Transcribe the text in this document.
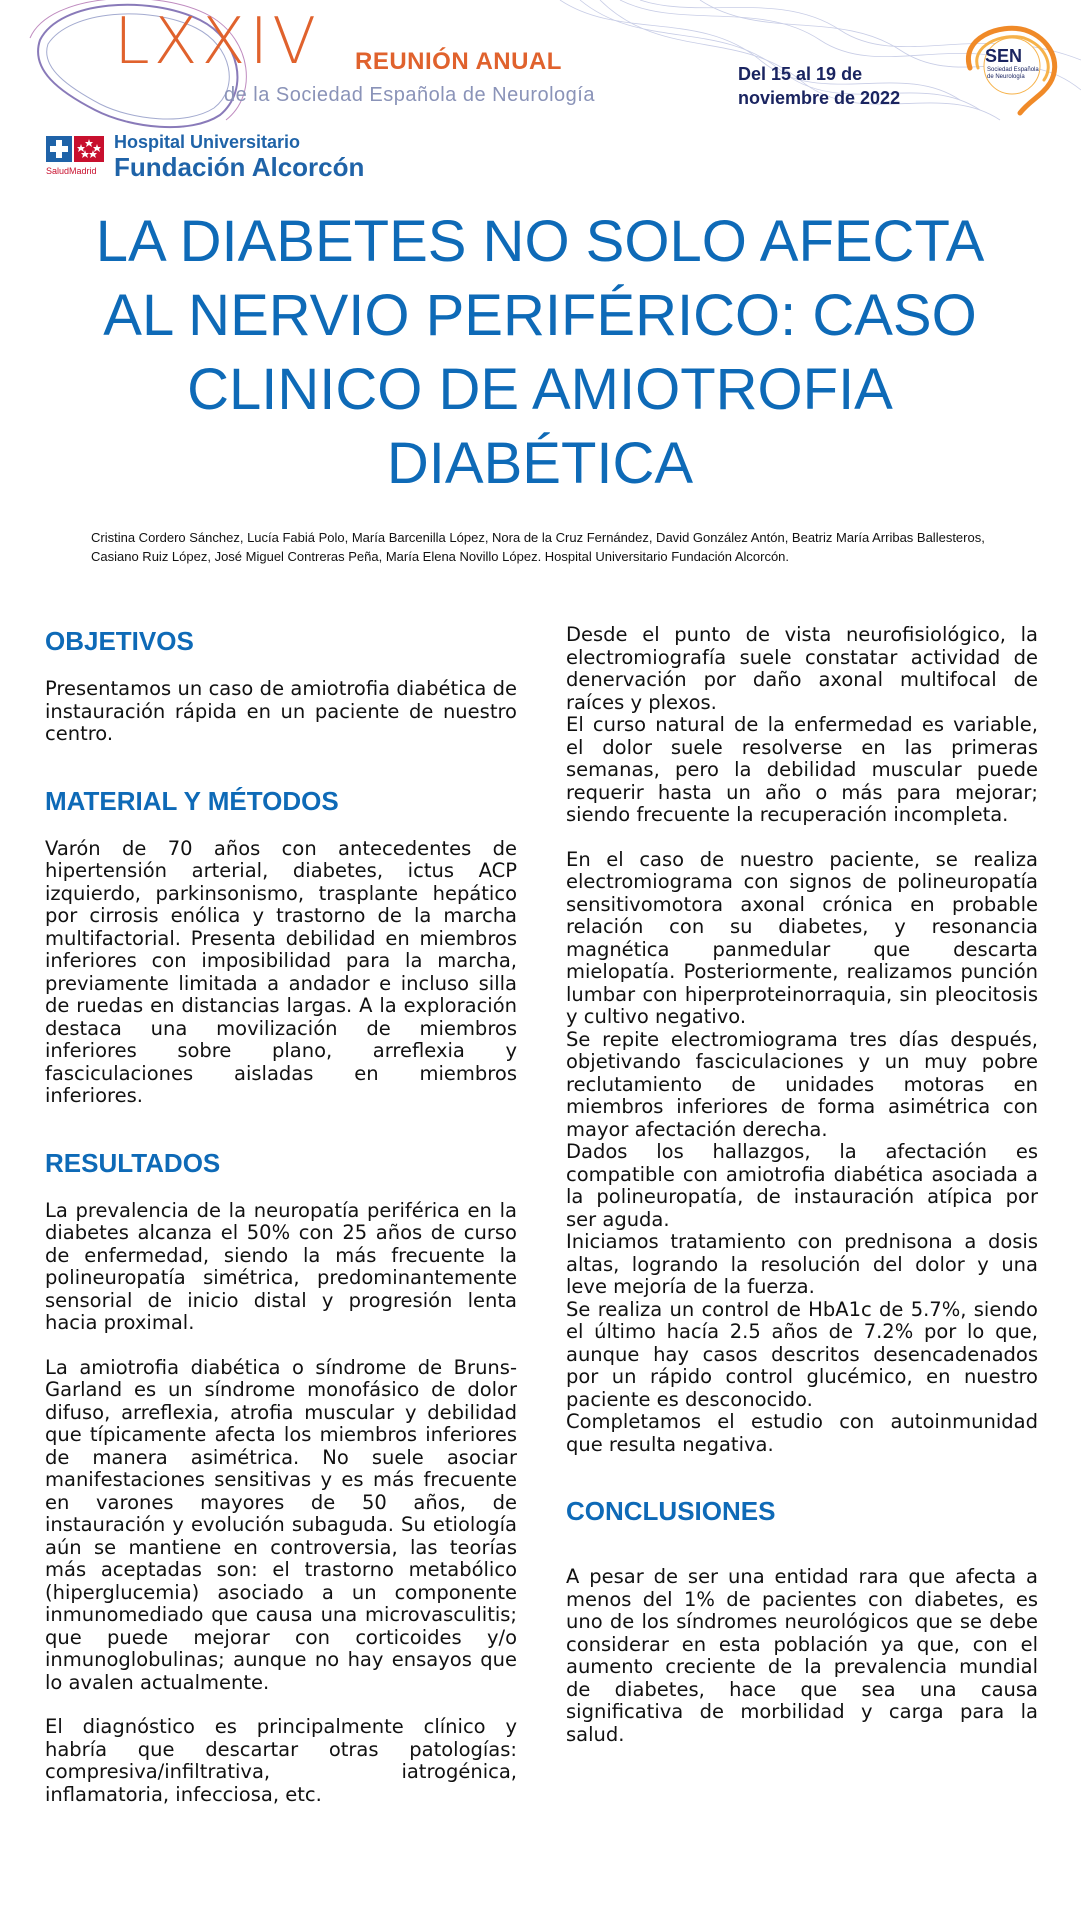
LXXIV REUNIÓN ANUAL
de la Sociedad Española de Neurología
Del 15 al 19 de
noviembre de 2022
SEN
Sociedad Española de Neurología
SaludMadrid
Hospital Universitario
Fundación Alcorcón
LA DIABETES NO SOLO AFECTA AL NERVIO PERIFÉRICO: CASO CLINICO DE AMIOTROFIA DIABÉTICA
Cristina Cordero Sánchez, Lucía Fabiá Polo, María Barcenilla López, Nora de la Cruz Fernández, David González Antón, Beatriz María Arribas Ballesteros, Casiano Ruiz López, José Miguel Contreras Peña, María Elena Novillo López. Hospital Universitario Fundación Alcorcón.
OBJETIVOS

Presentamos un caso de amiotrofia diabética de instauración rápida en un paciente de nuestro centro.

MATERIAL Y MÉTODOS

Varón de 70 años con antecedentes de hipertensión arterial, diabetes, ictus ACP izquierdo, parkinsonismo, trasplante hepático por cirrosis enólica y trastorno de la marcha multifactorial. Presenta debilidad en miembros inferiores con imposibilidad para la marcha, previamente limitada a andador e incluso silla de ruedas en distancias largas. A la exploración destaca una movilización de miembros inferiores sobre plano, arreflexia y fasciculaciones aisladas en miembros inferiores.

RESULTADOS

La prevalencia de la neuropatía periférica en la diabetes alcanza el 50% con 25 años de curso de enfermedad, siendo la más frecuente la polineuropatía simétrica, predominantemente sensorial de inicio distal y progresión lenta hacia proximal.

La amiotrofia diabética o síndrome de Bruns-Garland es un síndrome monofásico de dolor difuso, arreflexia, atrofia muscular y debilidad que típicamente afecta los miembros inferiores de manera asimétrica. No suele asociar manifestaciones sensitivas y es más frecuente en varones mayores de 50 años, de instauración y evolución subaguda. Su etiología aún se mantiene en controversia, las teorías más aceptadas son: el trastorno metabólico (hiperglucemia) asociado a un componente inmunomediado que causa una microvasculitis; que puede mejorar con corticoides y/o inmunoglobulinas; aunque no hay ensayos que lo avalen actualmente.

El diagnóstico es principalmente clínico y habría que descartar otras patologías: compresiva/infiltrativa, iatrogénica, inflamatoria, infecciosa, etc.

Desde el punto de vista neurofisiológico, la electromiografía suele constatar actividad de denervación por daño axonal multifocal de raíces y plexos.

El curso natural de la enfermedad es variable, el dolor suele resolverse en las primeras semanas, pero la debilidad muscular puede requerir hasta un año o más para mejorar; siendo frecuente la recuperación incompleta.

En el caso de nuestro paciente, se realiza electromiograma con signos de polineuropatía sensitivomotora axonal crónica en probable relación con su diabetes, y resonancia magnética panmedular que descarta mielopatía. Posteriormente, realizamos punción lumbar con hiperproteinorraquia, sin pleocitosis y cultivo negativo.

Se repite electromiograma tres días después, objetivando fasciculaciones y un muy pobre reclutamiento de unidades motoras en miembros inferiores de forma asimétrica con mayor afectación derecha.

Dados los hallazgos, la afectación es compatible con amiotrofia diabética asociada a la polineuropatía, de instauración atípica por ser aguda.

Iniciamos tratamiento con prednisona a dosis altas, logrando la resolución del dolor y una leve mejoría de la fuerza.

Se realiza un control de HbA1c de 5.7%, siendo el último hacía 2.5 años de 7.2% por lo que, aunque hay casos descritos desencadenados por un rápido control glucémico, en nuestro paciente es desconocido.

Completamos el estudio con autoinmunidad que resulta negativa.

CONCLUSIONES

A pesar de ser una entidad rara que afecta a menos del 1% de pacientes con diabetes, es uno de los síndromes neurológicos que se debe considerar en esta población ya que, con el aumento creciente de la prevalencia mundial de diabetes, hace que sea una causa significativa de morbilidad y carga para la salud.
